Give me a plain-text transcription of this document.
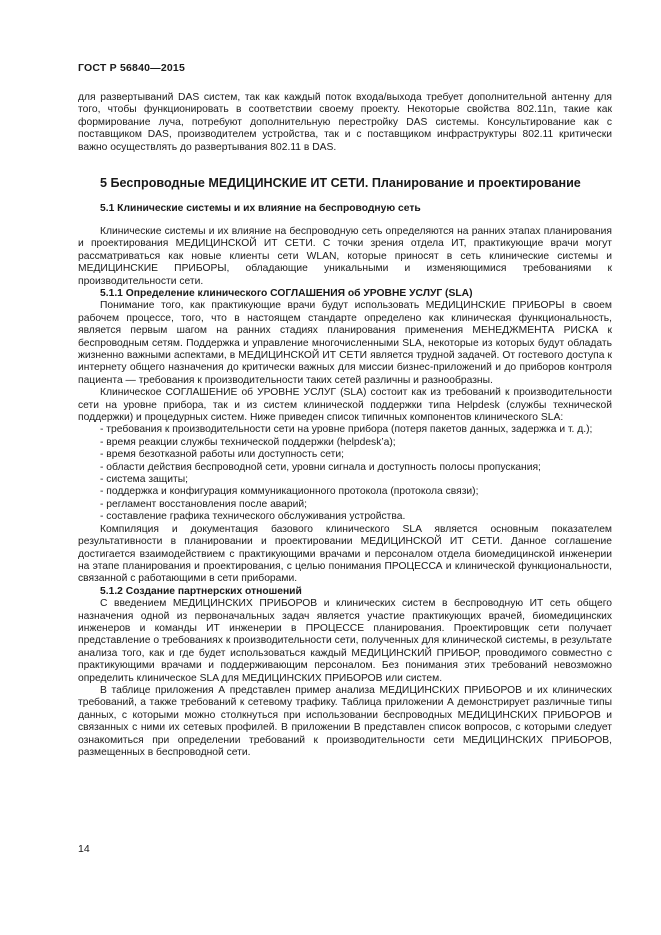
ГОСТ Р 56840—2015

для развертываний DAS систем, так как каждый поток входа/выхода требует дополнительной антенну для того, чтобы функционировать в соответствии своему проекту. Некоторые свойства 802.11n, такие как формирование луча, потребуют дополнительную перестройку DAS системы. Консультирование как с поставщиком DAS, производителем устройства, так и с поставщиком инфраструктуры 802.11 критически важно осуществлять до развертывания 802.11 в DAS.

5 Беспроводные МЕДИЦИНСКИЕ ИТ СЕТИ. Планирование и проектирование

5.1 Клинические системы и их влияние на беспроводную сеть

Клинические системы и их влияние на беспроводную сеть определяются на ранних этапах планирования и проектирования МЕДИЦИНСКОЙ ИТ СЕТИ. С точки зрения отдела ИТ, практикующие врачи могут рассматриваться как новые клиенты сети WLAN, которые приносят в сеть клинические системы и МЕДИЦИНСКИЕ ПРИБОРЫ, обладающие уникальными и изменяющимися требованиями к производительности сети.

5.1.1 Определение клинического СОГЛАШЕНИЯ об УРОВНЕ УСЛУГ (SLA)

Понимание того, как практикующие врачи будут использовать МЕДИЦИНСКИЕ ПРИБОРЫ в своем рабочем процессе, того, что в настоящем стандарте определено как клиническая функциональность, является первым шагом на ранних стадиях планирования применения МЕНЕДЖМЕНТА РИСКА к беспроводным сетям. Поддержка и управление многочисленными SLA, некоторые из которых будут обладать жизненно важными аспектами, в МЕДИЦИНСКОЙ ИТ СЕТИ является трудной задачей. От гостевого доступа к интернету общего назначения до критически важных для миссии бизнес-приложений и до приборов контроля пациента — требования к производительности таких сетей различны и разнообразны.

Клиническое СОГЛАШЕНИЕ об УРОВНЕ УСЛУГ (SLA) состоит как из требований к производительности сети на уровне прибора, так и из систем клинической поддержки типа Helpdesk (службы технической поддержки) и процедурных систем. Ниже приведен список типичных компонентов клинического SLA:

- требования к производительности сети на уровне прибора (потеря пакетов данных, задержка и т. д.);
- время реакции службы технической поддержки (helpdesk’a);
- время безотказной работы или доступность сети;
- области действия беспроводной сети, уровни сигнала и доступность полосы пропускания;
- система защиты;
- поддержка и конфигурация коммуникационного протокола (протокола связи);
- регламент восстановления после аварий;
- составление графика технического обслуживания устройства.

Компиляция и документация базового клинического SLA является основным показателем результативности в планировании и проектировании МЕДИЦИНСКОЙ ИТ СЕТИ. Данное соглашение достигается взаимодействием с практикующими врачами и персоналом отдела биомедицинской инженерии на этапе планирования и проектирования, с целью понимания ПРОЦЕССА и клинической функциональности, связанной с работающими в сети приборами.

5.1.2 Создание партнерских отношений

С введением МЕДИЦИНСКИХ ПРИБОРОВ и клинических систем в беспроводную ИТ сеть общего назначения одной из первоначальных задач является участие практикующих врачей, биомедицинских инженеров и команды ИТ инженерии в ПРОЦЕССЕ планирования. Проектировщик сети получает представление о требованиях к производительности сети, полученных для клинической системы, в результате анализа того, как и где будет использоваться каждый МЕДИЦИНСКИЙ ПРИБОР, проводимого совместно с практикующими врачами и поддерживающим персоналом. Без понимания этих требований невозможно определить клиническое SLA для МЕДИЦИНСКИХ ПРИБОРОВ или систем.

В таблице приложения А представлен пример анализа МЕДИЦИНСКИХ ПРИБОРОВ и их клинических требований, а также требований к сетевому трафику. Таблица приложении А демонстрирует различные типы данных, с которыми можно столкнуться при использовании беспроводных МЕДИЦИНСКИХ ПРИБОРОВ и связанных с ними их сетевых профилей. В приложении В представлен список вопросов, с которыми следует ознакомиться при определении требований к производительности сети МЕДИЦИНСКИХ ПРИБОРОВ, размещенных в беспроводной сети.

14
